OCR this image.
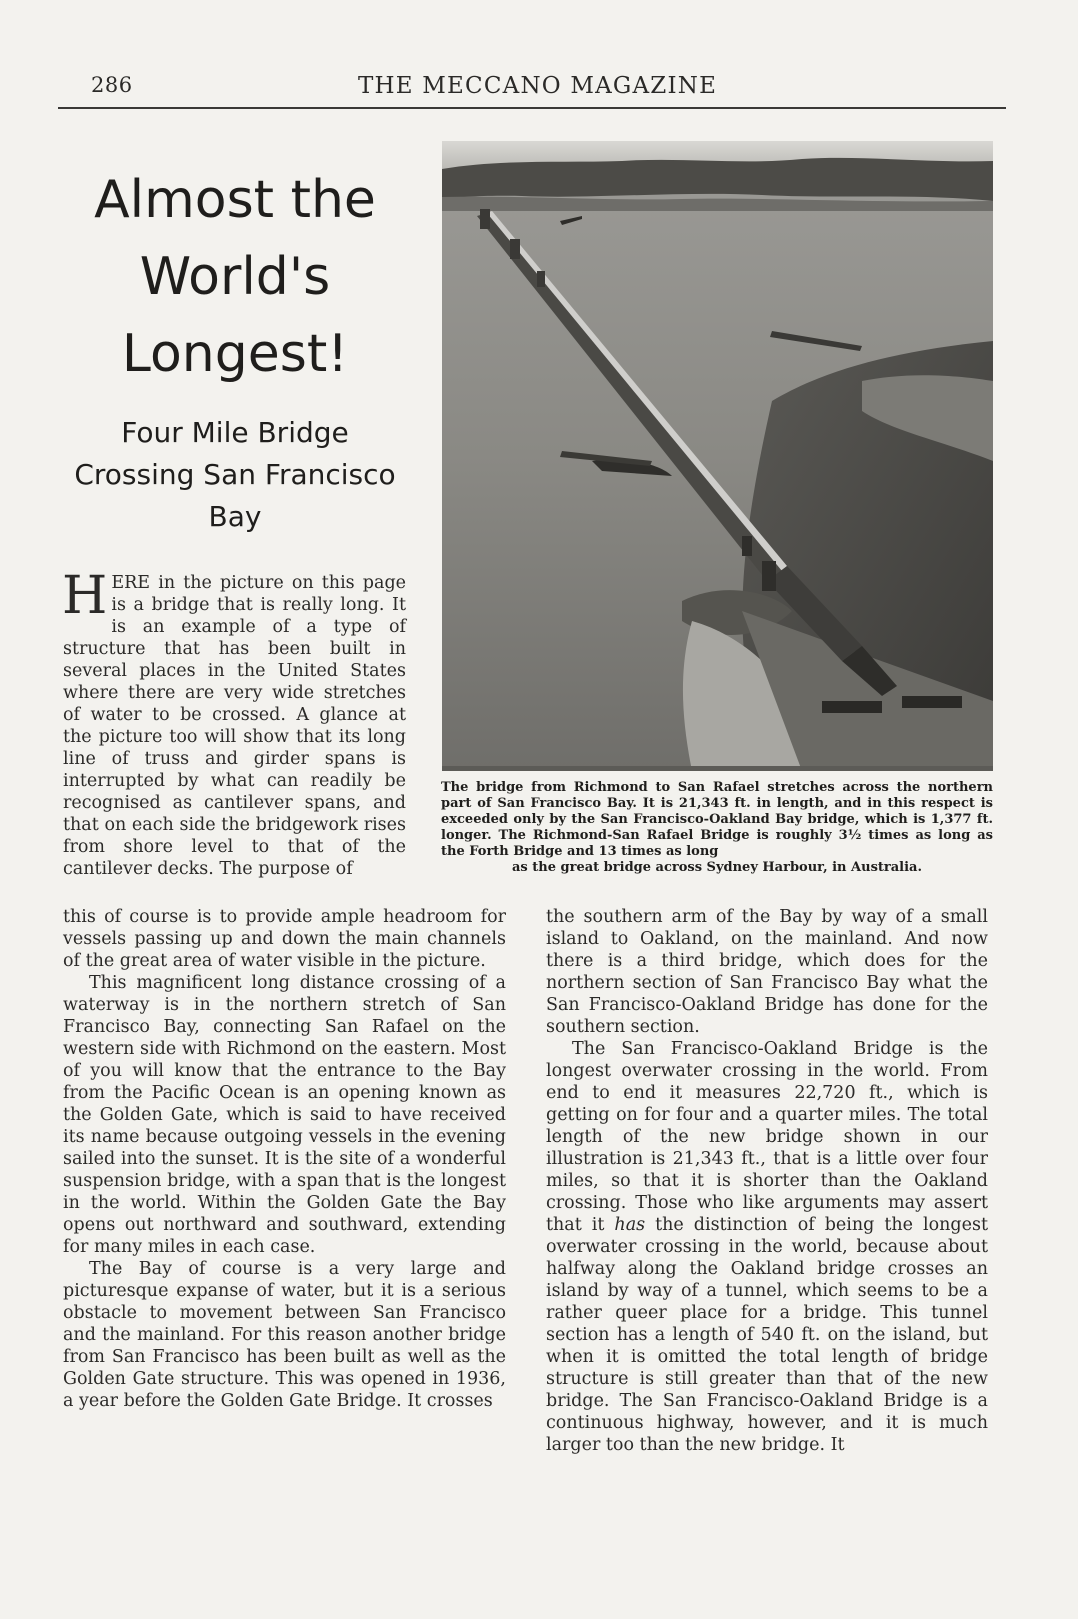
286	THE MECCANO MAGAZINE
Almost the
World's
Longest!
Four Mile Bridge
Crossing San Francisco
Bay

HERE in the picture on this page is a bridge that is really long. It is an example of a type of structure that has been built in several places in the United States where there are very wide stretches of water to be crossed. A glance at the picture too will show that its long line of truss and girder spans is interrupted by what can readily be recognised as cantilever spans, and that on each side the bridgework rises from shore level to that of the cantilever decks. The purpose of

The bridge from Richmond to San Rafael stretches across the northern part of San Francisco Bay. It is 21,343 ft. in length, and in this respect is exceeded only by the San Francisco-Oakland Bay bridge, which is 1,377 ft. longer. The Richmond-San Rafael Bridge is roughly 3½ times as long as the Forth Bridge and 13 times as long
as the great bridge across Sydney Harbour, in Australia.

this of course is to provide ample headroom for vessels passing up and down the main channels of the great area of water visible in the picture.

This magnificent long distance crossing of a waterway is in the northern stretch of San Francisco Bay, connecting San Rafael on the western side with Richmond on the eastern. Most of you will know that the entrance to the Bay from the Pacific Ocean is an opening known as the Golden Gate, which is said to have received its name because outgoing vessels in the evening sailed into the sunset. It is the site of a wonderful suspension bridge, with a span that is the longest in the world. Within the Golden Gate the Bay opens out northward and southward, extending for many miles in each case.

The Bay of course is a very large and picturesque expanse of water, but it is a serious obstacle to movement between San Francisco and the mainland. For this reason another bridge from San Francisco has been built as well as the Golden Gate structure. This was opened in 1936, a year before the Golden Gate Bridge. It crosses

the southern arm of the Bay by way of a small island to Oakland, on the mainland. And now there is a third bridge, which does for the northern section of San Francisco Bay what the San Francisco-Oakland Bridge has done for the southern section.

The San Francisco-Oakland Bridge is the longest overwater crossing in the world. From end to end it measures 22,720 ft., which is getting on for four and a quarter miles. The total length of the new bridge shown in our illustration is 21,343 ft., that is a little over four miles, so that it is shorter than the Oakland crossing. Those who like arguments may assert that it has the distinction of being the longest overwater crossing in the world, because about halfway along the Oakland bridge crosses an island by way of a tunnel, which seems to be a rather queer place for a bridge. This tunnel section has a length of 540 ft. on the island, but when it is omitted the total length of bridge structure is still greater than that of the new bridge. The San Francisco-Oakland Bridge is a continuous highway, however, and it is much larger too than the new bridge. It
